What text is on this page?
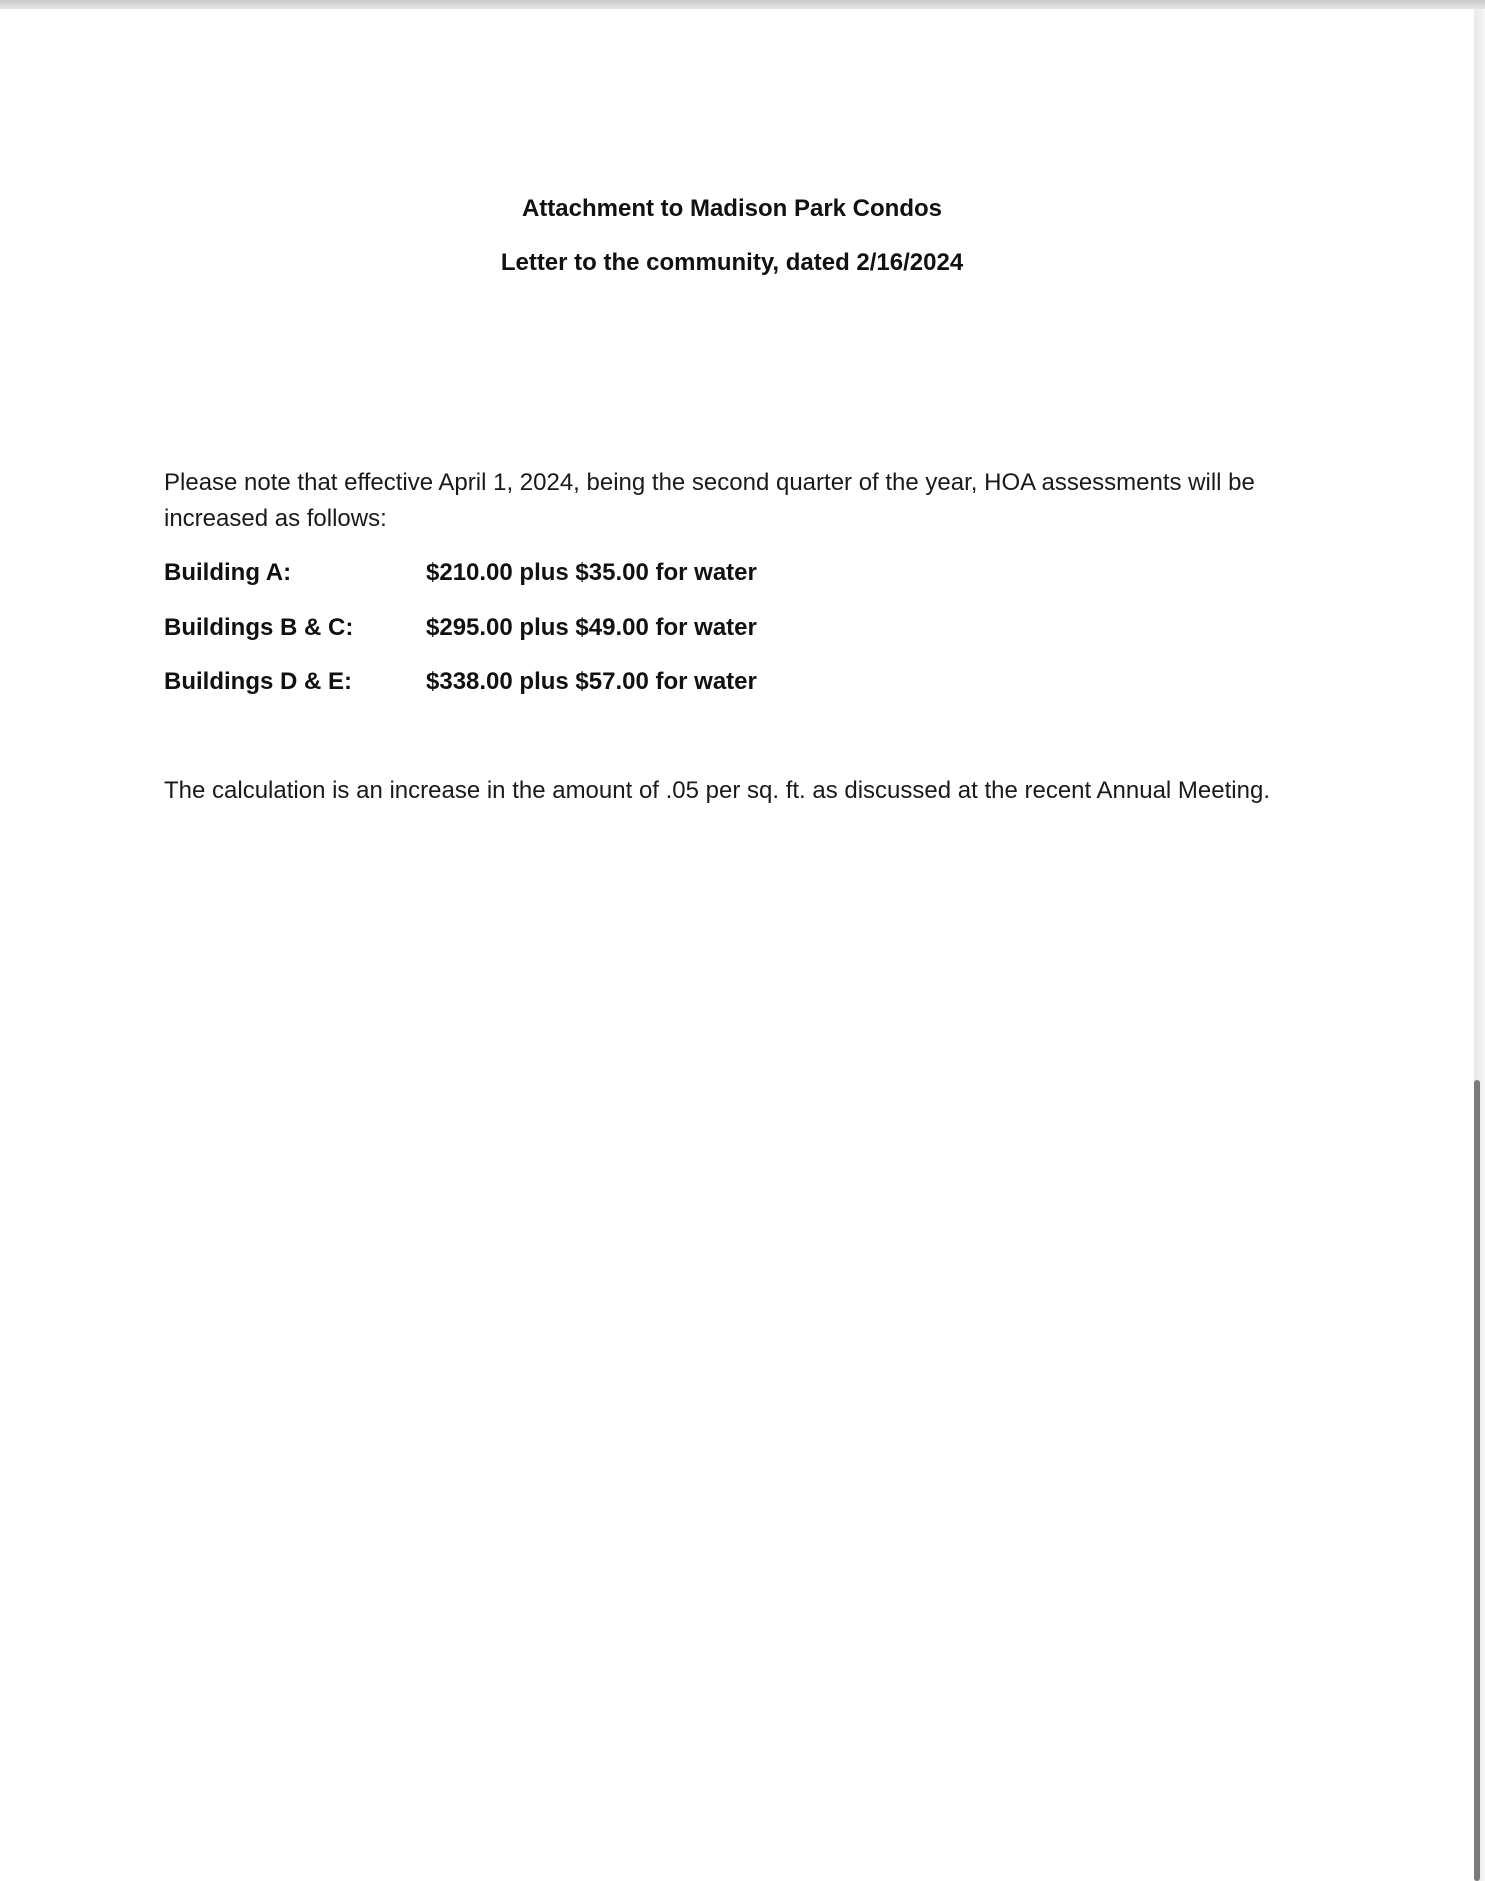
Attachment to Madison Park Condos
Letter to the community, dated 2/16/2024
Please note that effective April 1, 2024, being the second quarter of the year, HOA assessments will be increased as follows:
Building A:	$210.00 plus $35.00 for water
Buildings B & C:	$295.00 plus $49.00 for water
Buildings D & E:	$338.00 plus $57.00 for water
The calculation is an increase in the amount of .05 per sq. ft. as discussed at the recent Annual Meeting.
